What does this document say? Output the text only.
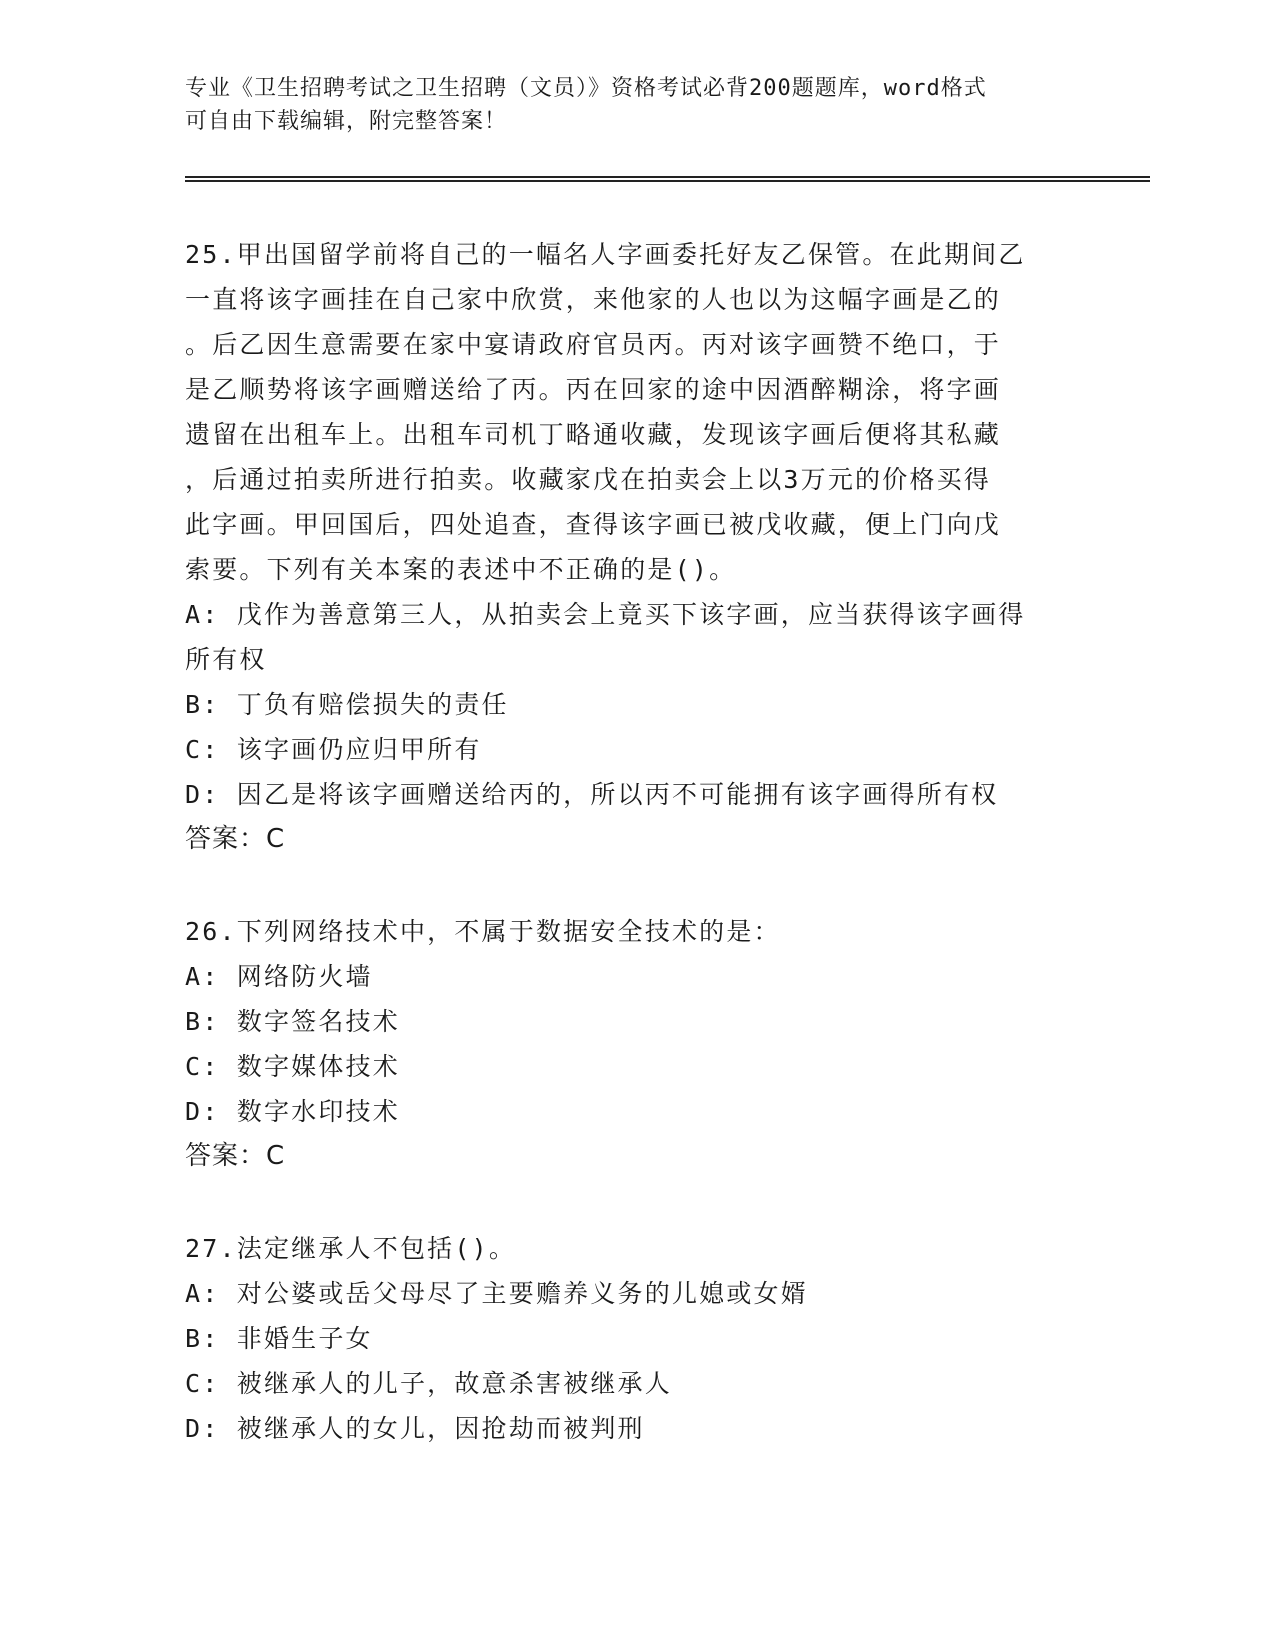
专业《卫生招聘考试之卫生招聘（文员）》资格考试必背200题题库，word格式
可自由下载编辑，附完整答案！
25.甲出国留学前将自己的一幅名人字画委托好友乙保管。在此期间乙
一直将该字画挂在自己家中欣赏，来他家的人也以为这幅字画是乙的
。后乙因生意需要在家中宴请政府官员丙。丙对该字画赞不绝口，于
是乙顺势将该字画赠送给了丙。丙在回家的途中因酒醉糊涂，将字画
遗留在出租车上。出租车司机丁略通收藏，发现该字画后便将其私藏
，后通过拍卖所进行拍卖。收藏家戊在拍卖会上以3万元的价格买得
此字画。甲回国后，四处追查，查得该字画已被戊收藏，便上门向戊
索要。下列有关本案的表述中不正确的是()。
A: 戊作为善意第三人，从拍卖会上竟买下该字画，应当获得该字画得
所有权
B: 丁负有赔偿损失的责任
C: 该字画仍应归甲所有
D: 因乙是将该字画赠送给丙的，所以丙不可能拥有该字画得所有权
答案：C
26.下列网络技术中，不属于数据安全技术的是：
A: 网络防火墙
B: 数字签名技术
C: 数字媒体技术
D: 数字水印技术
答案：C
27.法定继承人不包括()。
A: 对公婆或岳父母尽了主要赡养义务的儿媳或女婿
B: 非婚生子女
C: 被继承人的儿子，故意杀害被继承人
D: 被继承人的女儿，因抢劫而被判刑
